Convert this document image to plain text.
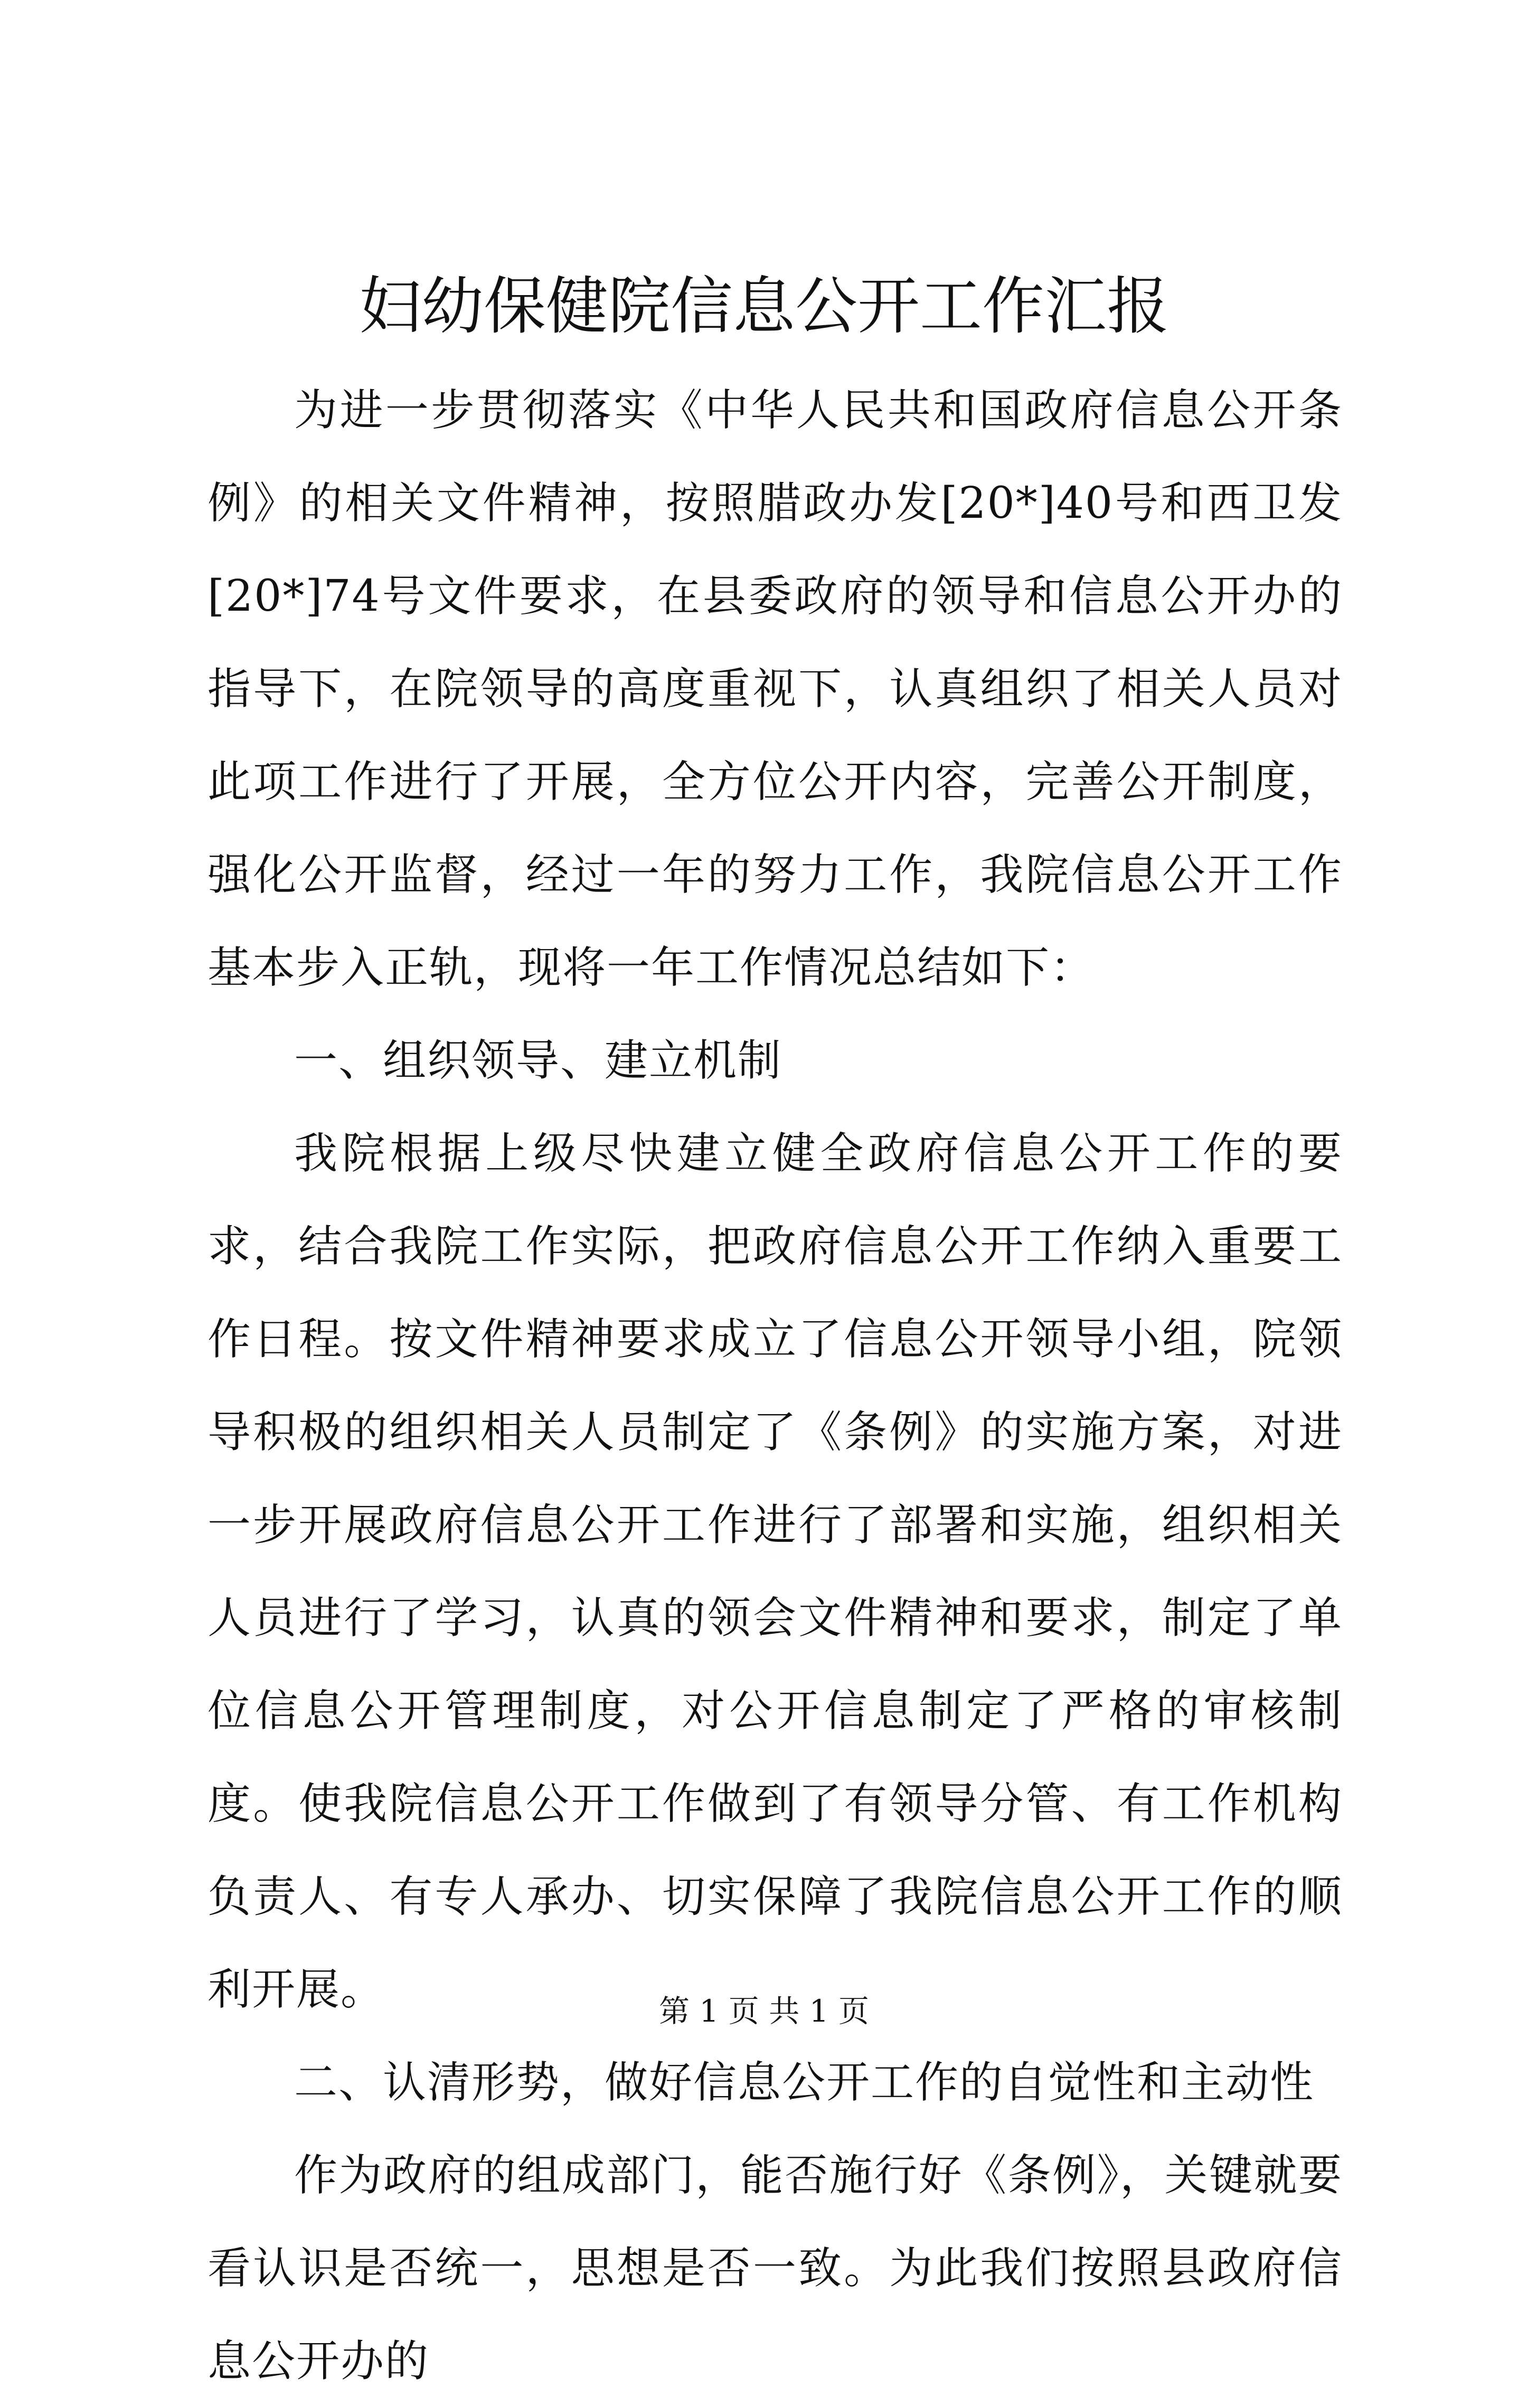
妇幼保健院信息公开工作汇报

为进一步贯彻落实《中华人民共和国政府信息公开条例》的相关文件精神，按照腊政办发[20*]40号和西卫发[20*]74号文件要求，在县委政府的领导和信息公开办的指导下，在院领导的高度重视下，认真组织了相关人员对此项工作进行了开展，全方位公开内容，完善公开制度，强化公开监督，经过一年的努力工作，我院信息公开工作基本步入正轨，现将一年工作情况总结如下：

一、组织领导、建立机制

我院根据上级尽快建立健全政府信息公开工作的要求，结合我院工作实际，把政府信息公开工作纳入重要工作日程。按文件精神要求成立了信息公开领导小组，院领导积极的组织相关人员制定了《条例》的实施方案，对进一步开展政府信息公开工作进行了部署和实施，组织相关人员进行了学习，认真的领会文件精神和要求，制定了单位信息公开管理制度，对公开信息制定了严格的审核制度。使我院信息公开工作做到了有领导分管、有工作机构负责人、有专人承办、切实保障了我院信息公开工作的顺利开展。

二、认清形势，做好信息公开工作的自觉性和主动性

作为政府的组成部门，能否施行好《条例》，关键就要看认识是否统一，思想是否一致。为此我们按照县政府信息公开办的

第 1 页 共 1 页
